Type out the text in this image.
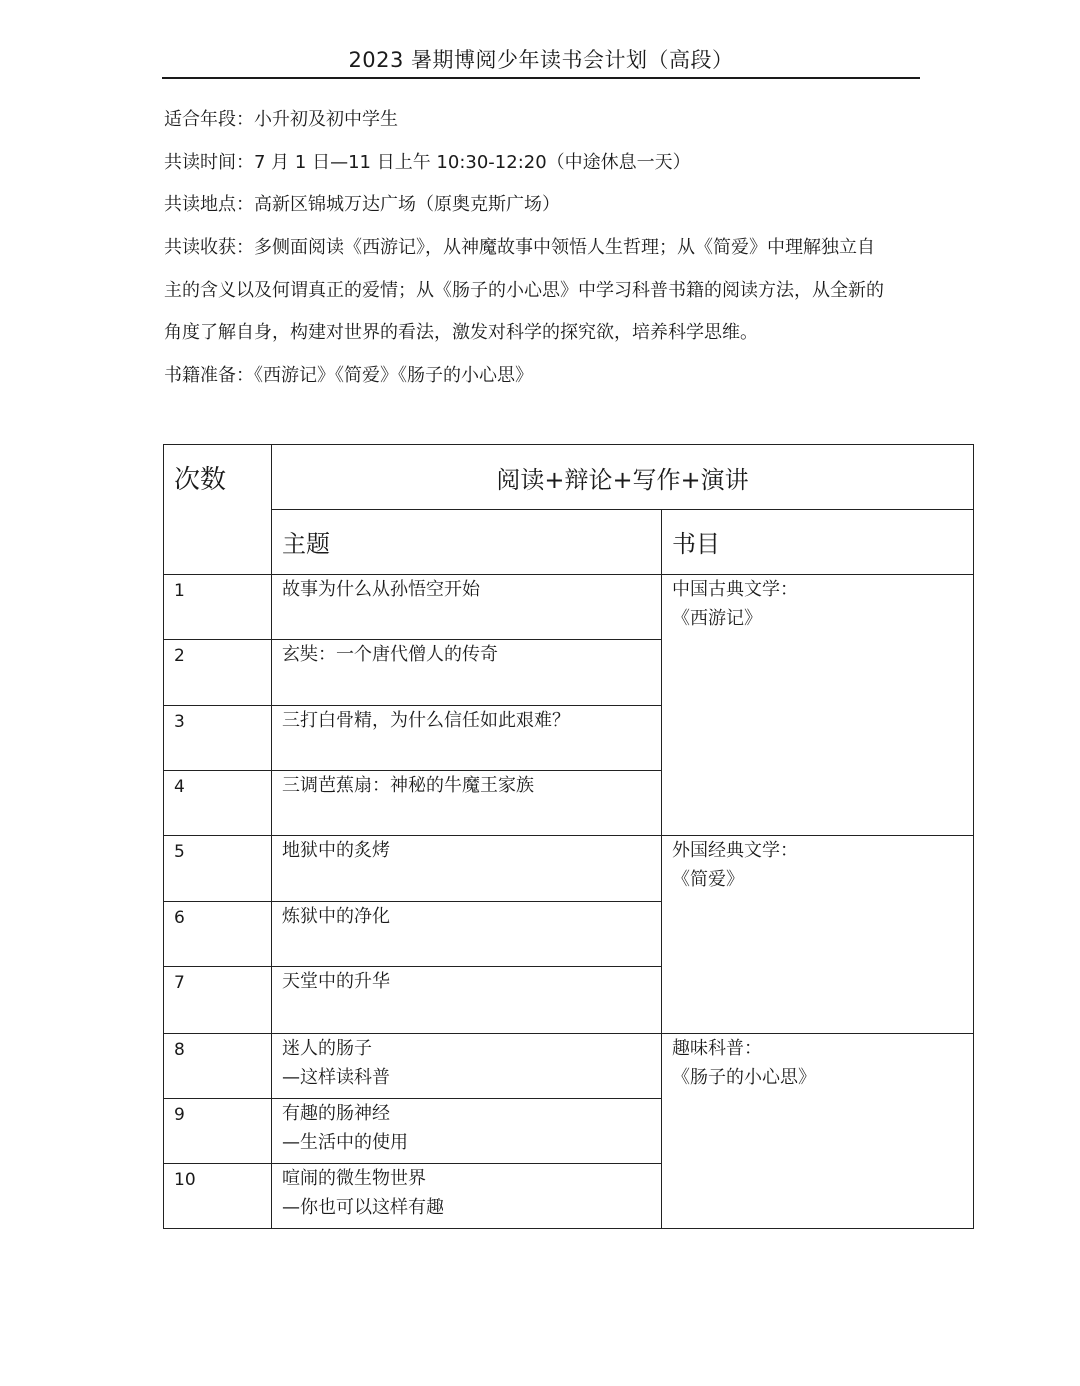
2023 暑期博阅少年读书会计划（高段）

适合年段：小升初及初中学生

共读时间：7 月 1 日—11 日上午 10:30-12:20（中途休息一天）

共读地点：高新区锦城万达广场（原奥克斯广场）

共读收获：多侧面阅读《西游记》，从神魔故事中领悟人生哲理；从《简爱》中理解独立自

主的含义以及何谓真正的爱情；从《肠子的小心思》中学习科普书籍的阅读方法，从全新的

角度了解自身，构建对世界的看法，激发对科学的探究欲，培养科学思维。

书籍准备：《西游记》《简爱》《肠子的小心思》

次数	阅读+辩论+写作+演讲	
	主题	书目
1	故事为什么从孙悟空开始	中国古典文学：
《西游记》

2	玄奘：一个唐代僧人的传奇	

3	三打白骨精，为什么信任如此艰难？	

4	三调芭蕉扇：神秘的牛魔王家族	

5	地狱中的炙烤	外国经典文学：
《简爱》

6	炼狱中的净化	

7	天堂中的升华	

8	迷人的肠子
—这样读科普	趣味科普：
《肠子的小心思》

9	有趣的肠神经
—生活中的使用	

10	喧闹的微生物世界
—你也可以这样有趣	
